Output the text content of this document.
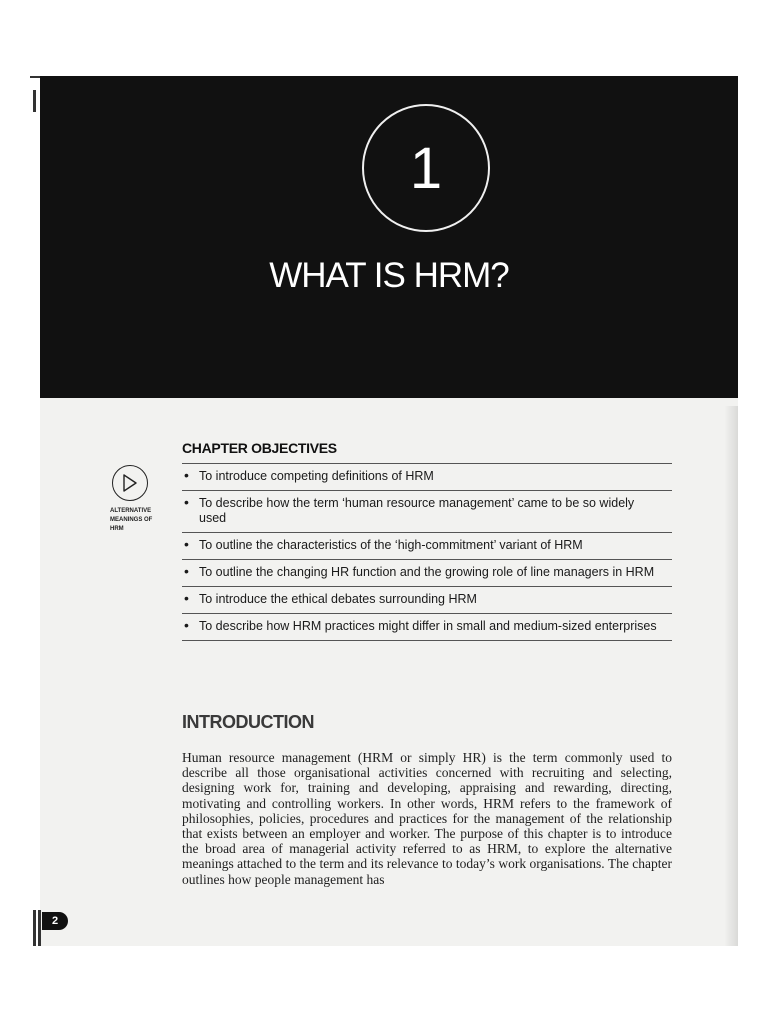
1
WHAT IS HRM?
ALTERNATIVE
MEANINGS OF
HRM
CHAPTER OBJECTIVES
• To introduce competing definitions of HRM
• To describe how the term ‘human resource management’ came to be so widely used
• To outline the characteristics of the ‘high-commitment’ variant of HRM
• To outline the changing HR function and the growing role of line managers in HRM
• To introduce the ethical debates surrounding HRM
• To describe how HRM practices might differ in small and medium-sized enterprises
INTRODUCTION

Human resource management (HRM or simply HR) is the term commonly used to describe all those organisational activities concerned with recruiting and selecting, designing work for, training and developing, appraising and rewarding, directing, motivating and controlling workers. In other words, HRM refers to the framework of philosophies, policies, procedures and practices for the management of the relationship that exists between an employer and worker. The purpose of this chapter is to introduce the broad area of managerial activity referred to as HRM, to explore the alternative meanings attached to the term and its relevance to today’s work organisations. The chapter outlines how people management has

2
